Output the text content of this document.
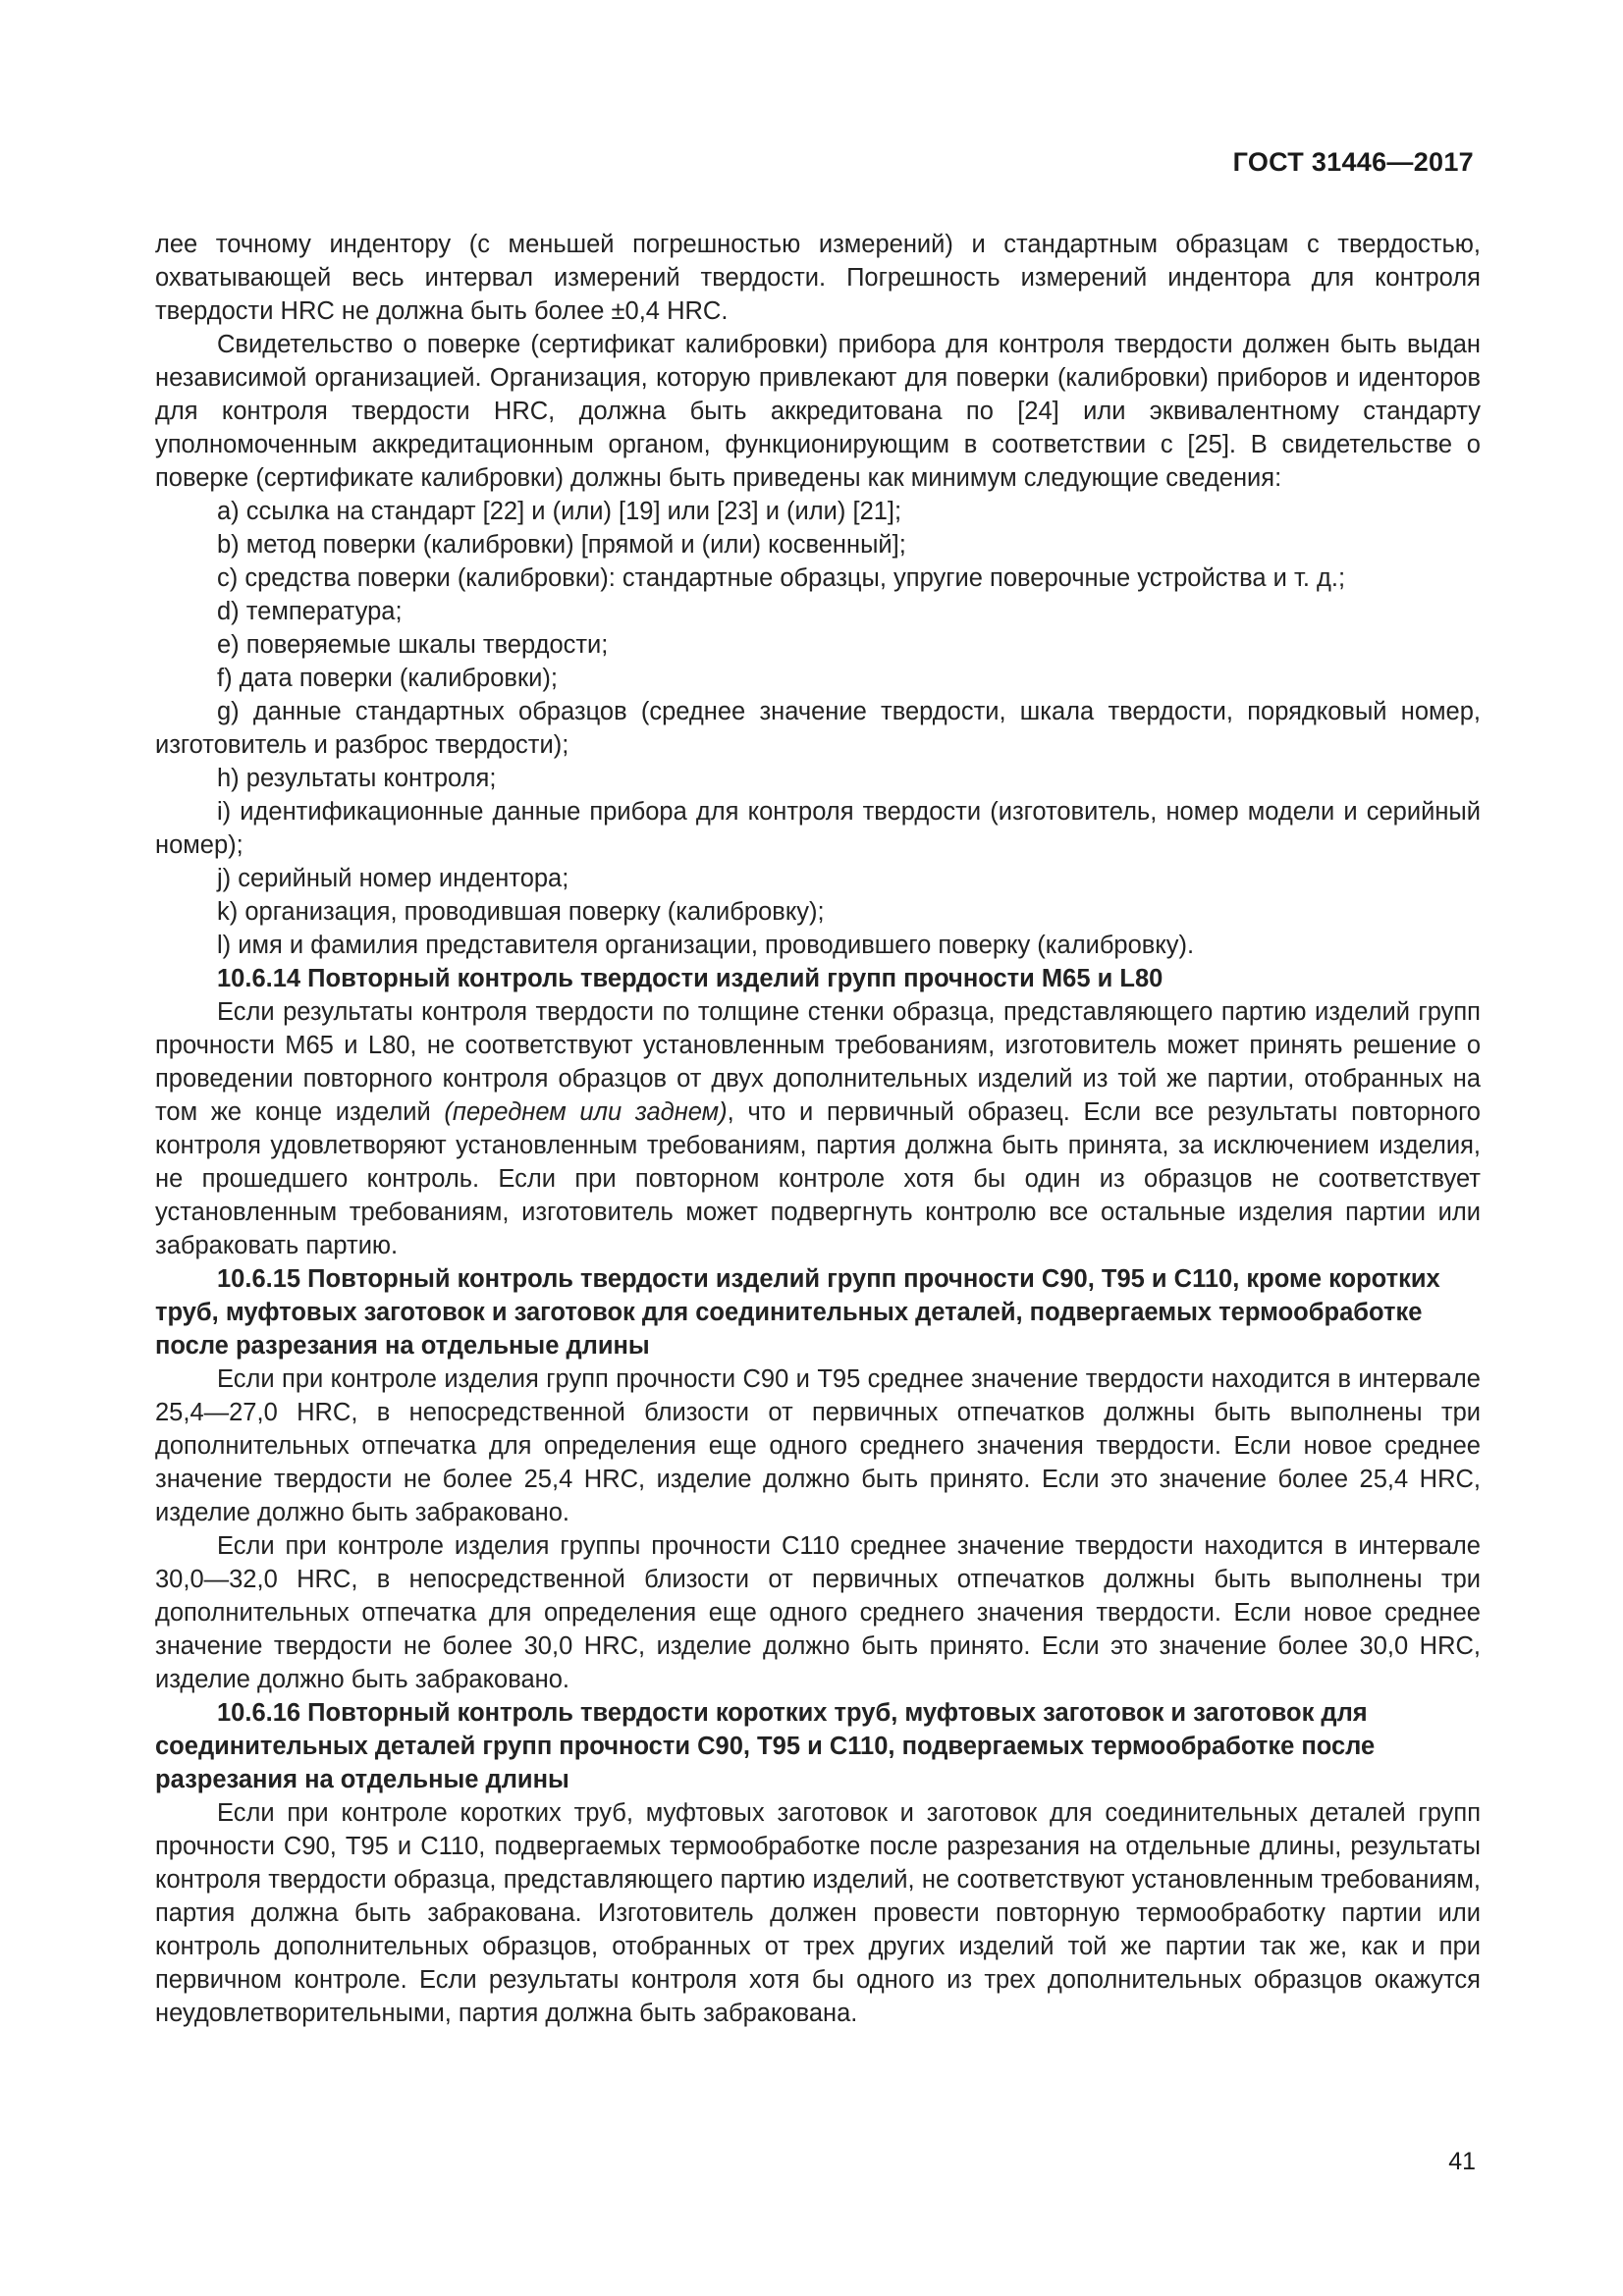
ГОСТ 31446—2017

лее точному индентору (с меньшей погрешностью измерений) и стандартным образцам с твердостью, охватывающей весь интервал измерений твердости. Погрешность измерений индентора для контроля твердости HRC не должна быть более ±0,4 HRC.

Свидетельство о поверке (сертификат калибровки) прибора для контроля твердости должен быть выдан независимой организацией. Организация, которую привлекают для поверки (калибровки) приборов и иденторов для контроля твердости HRC, должна быть аккредитована по [24] или эквивалентному стандарту уполномоченным аккредитационным органом, функционирующим в соответствии с [25]. В свидетельстве о поверке (сертификате калибровки) должны быть приведены как минимум следующие сведения:

a) ссылка на стандарт [22] и (или) [19] или [23] и (или) [21];

b) метод поверки (калибровки) [прямой и (или) косвенный];

c) средства поверки (калибровки): стандартные образцы, упругие поверочные устройства и т. д.;

d) температура;

e) поверяемые шкалы твердости;

f) дата поверки (калибровки);

g) данные стандартных образцов (среднее значение твердости, шкала твердости, порядковый номер, изготовитель и разброс твердости);

h) результаты контроля;

i) идентификационные данные прибора для контроля твердости (изготовитель, номер модели и серийный номер);

j) серийный номер индентора;

k) организация, проводившая поверку (калибровку);

l) имя и фамилия представителя организации, проводившего поверку (калибровку).

10.6.14 Повторный контроль твердости изделий групп прочности М65 и L80

Если результаты контроля твердости по толщине стенки образца, представляющего партию изделий групп прочности М65 и L80, не соответствуют установленным требованиям, изготовитель может принять решение о проведении повторного контроля образцов от двух дополнительных изделий из той же партии, отобранных на том же конце изделий (переднем или заднем), что и первичный образец. Если все результаты повторного контроля удовлетворяют установленным требованиям, партия должна быть принята, за исключением изделия, не прошедшего контроль. Если при повторном контроле хотя бы один из образцов не соответствует установленным требованиям, изготовитель может подвергнуть контролю все остальные изделия партии или забраковать партию.

10.6.15 Повторный контроль твердости изделий групп прочности С90, Т95 и С110, кроме коротких труб, муфтовых заготовок и заготовок для соединительных деталей, подвергаемых термообработке после разрезания на отдельные длины

Если при контроле изделия групп прочности С90 и Т95 среднее значение твердости находится в интервале 25,4—27,0 HRC, в непосредственной близости от первичных отпечатков должны быть выполнены три дополнительных отпечатка для определения еще одного среднего значения твердости. Если новое среднее значение твердости не более 25,4 HRC, изделие должно быть принято. Если это значение более 25,4 HRC, изделие должно быть забраковано.

Если при контроле изделия группы прочности С110 среднее значение твердости находится в интервале 30,0—32,0 HRC, в непосредственной близости от первичных отпечатков должны быть выполнены три дополнительных отпечатка для определения еще одного среднего значения твердости. Если новое среднее значение твердости не более 30,0 HRC, изделие должно быть принято. Если это значение более 30,0 HRC, изделие должно быть забраковано.

10.6.16 Повторный контроль твердости коротких труб, муфтовых заготовок и заготовок для соединительных деталей групп прочности С90, Т95 и С110, подвергаемых термообработке после разрезания на отдельные длины

Если при контроле коротких труб, муфтовых заготовок и заготовок для соединительных деталей групп прочности С90, Т95 и С110, подвергаемых термообработке после разрезания на отдельные длины, результаты контроля твердости образца, представляющего партию изделий, не соответствуют установленным требованиям, партия должна быть забракована. Изготовитель должен провести повторную термообработку партии или контроль дополнительных образцов, отобранных от трех других изделий той же партии так же, как и при первичном контроле. Если результаты контроля хотя бы одного из трех дополнительных образцов окажутся неудовлетворительными, партия должна быть забракована.

41
